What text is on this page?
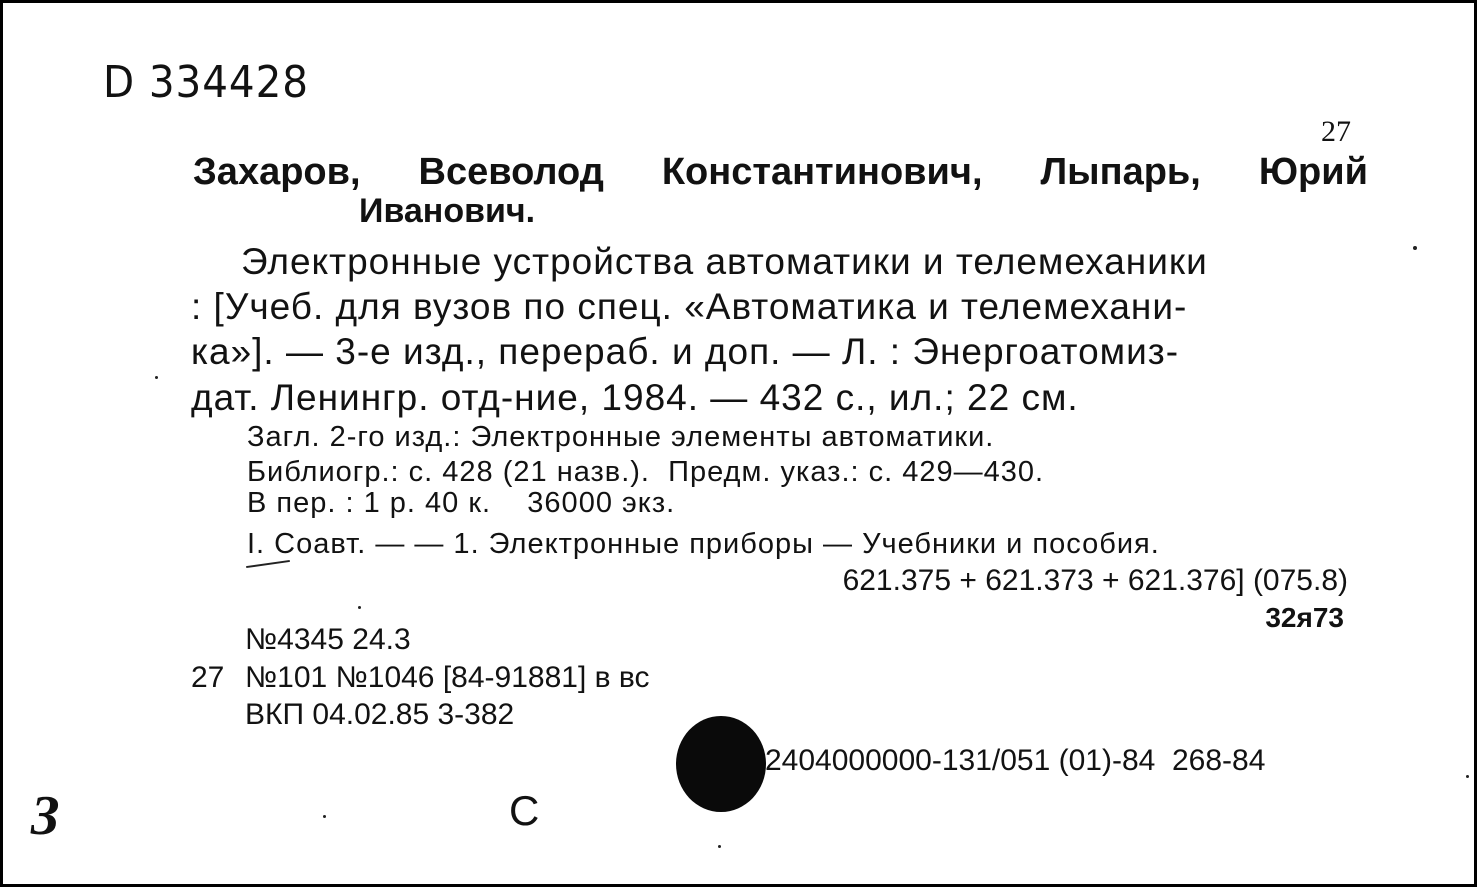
D 334428
27
Захаров, Всеволод Константинович, Лыпарь, Юрий
Иванович.
Электронные устройства автоматики и телемеханики
: [Учеб. для вузов по спец. «Автоматика и телемехани-
ка»]. — 3-е изд., перераб. и доп. — Л. : Энергоатомиз-
дат. Ленингр. отд-ние, 1984. — 432 с., ил.; 22 см.
Загл. 2-го изд.: Электронные элементы автоматики.
Библиогр.: с. 428 (21 назв.).  Предм. указ.: с. 429—430.
В пер. : 1 р. 40 к.    36000 экз.
I. Соавт. — — 1. Электронные приборы — Учебники и пособия.
621.375 + 621.373 + 621.376] (075.8)
32я73
№4345 24.3
27 №101 №1046 [84-91881] в вс
ВКП 04.02.85 3-382
2404000000-131/051 (01)-84  268-84
С
З
